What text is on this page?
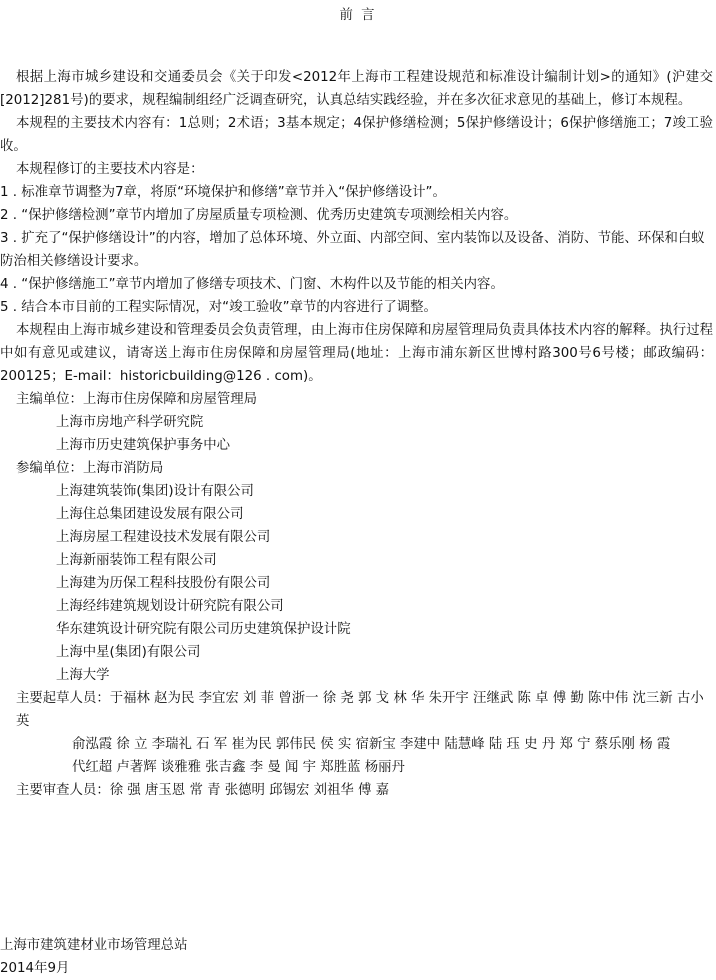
前 言

根据上海市城乡建设和交通委员会《关于印发<2012年上海市工程建设规范和标准设计编制计划>的通知》(沪建交[2012]281号)的要求，规程编制组经广泛调查研究，认真总结实践经验，并在多次征求意见的基础上，修订本规程。

本规程的主要技术内容有：1总则；2术语；3基本规定；4保护修缮检测；5保护修缮设计；6保护修缮施工；7竣工验收。

本规程修订的主要技术内容是：

1 . 标准章节调整为7章，将原“环境保护和修缮”章节并入“保护修缮设计”。

2 . “保护修缮检测”章节内增加了房屋质量专项检测、优秀历史建筑专项测绘相关内容。

3 . 扩充了“保护修缮设计”的内容，增加了总体环境、外立面、内部空间、室内装饰以及设备、消防、节能、环保和白蚁防治相关修缮设计要求。

4 . “保护修缮施工”章节内增加了修缮专项技术、门窗、木构件以及节能的相关内容。

5 . 结合本市目前的工程实际情况，对“竣工验收”章节的内容进行了调整。

本规程由上海市城乡建设和管理委员会负责管理，由上海市住房保障和房屋管理局负责具体技术内容的解释。执行过程中如有意见或建议，请寄送上海市住房保障和房屋管理局(地址：上海市浦东新区世博村路300号6号楼；邮政编码：200125；E-mail：historicbuilding@126 . com)。

主编单位：上海市住房保障和房屋管理局

上海市房地产科学研究院

上海市历史建筑保护事务中心

参编单位：上海市消防局

上海建筑装饰(集团)设计有限公司

上海住总集团建设发展有限公司

上海房屋工程建设技术发展有限公司

上海新丽装饰工程有限公司

上海建为历保工程科技股份有限公司

上海经纬建筑规划设计研究院有限公司

华东建筑设计研究院有限公司历史建筑保护设计院

上海中星(集团)有限公司

上海大学

主要起草人员：于福林 赵为民 李宜宏 刘 菲 曾浙一 徐 尧 郭 戈 林 华 朱开宇 汪继武 陈 卓 傅 勤 陈中伟 沈三新 古小英

俞泓霞 徐 立 李瑞礼 石 军 崔为民 郭伟民 侯 实 宿新宝 李建中 陆慧峰 陆 珏 史 丹 郑 宁 蔡乐刚 杨 霞

代红超 卢著辉 谈雅雅 张吉鑫 李 曼 闻 宇 郑胜蓝 杨丽丹

主要审查人员：徐 强 唐玉恩 常 青 张德明 邱锡宏 刘祖华 傅 嘉

上海市建筑建材业市场管理总站
2014年9月
